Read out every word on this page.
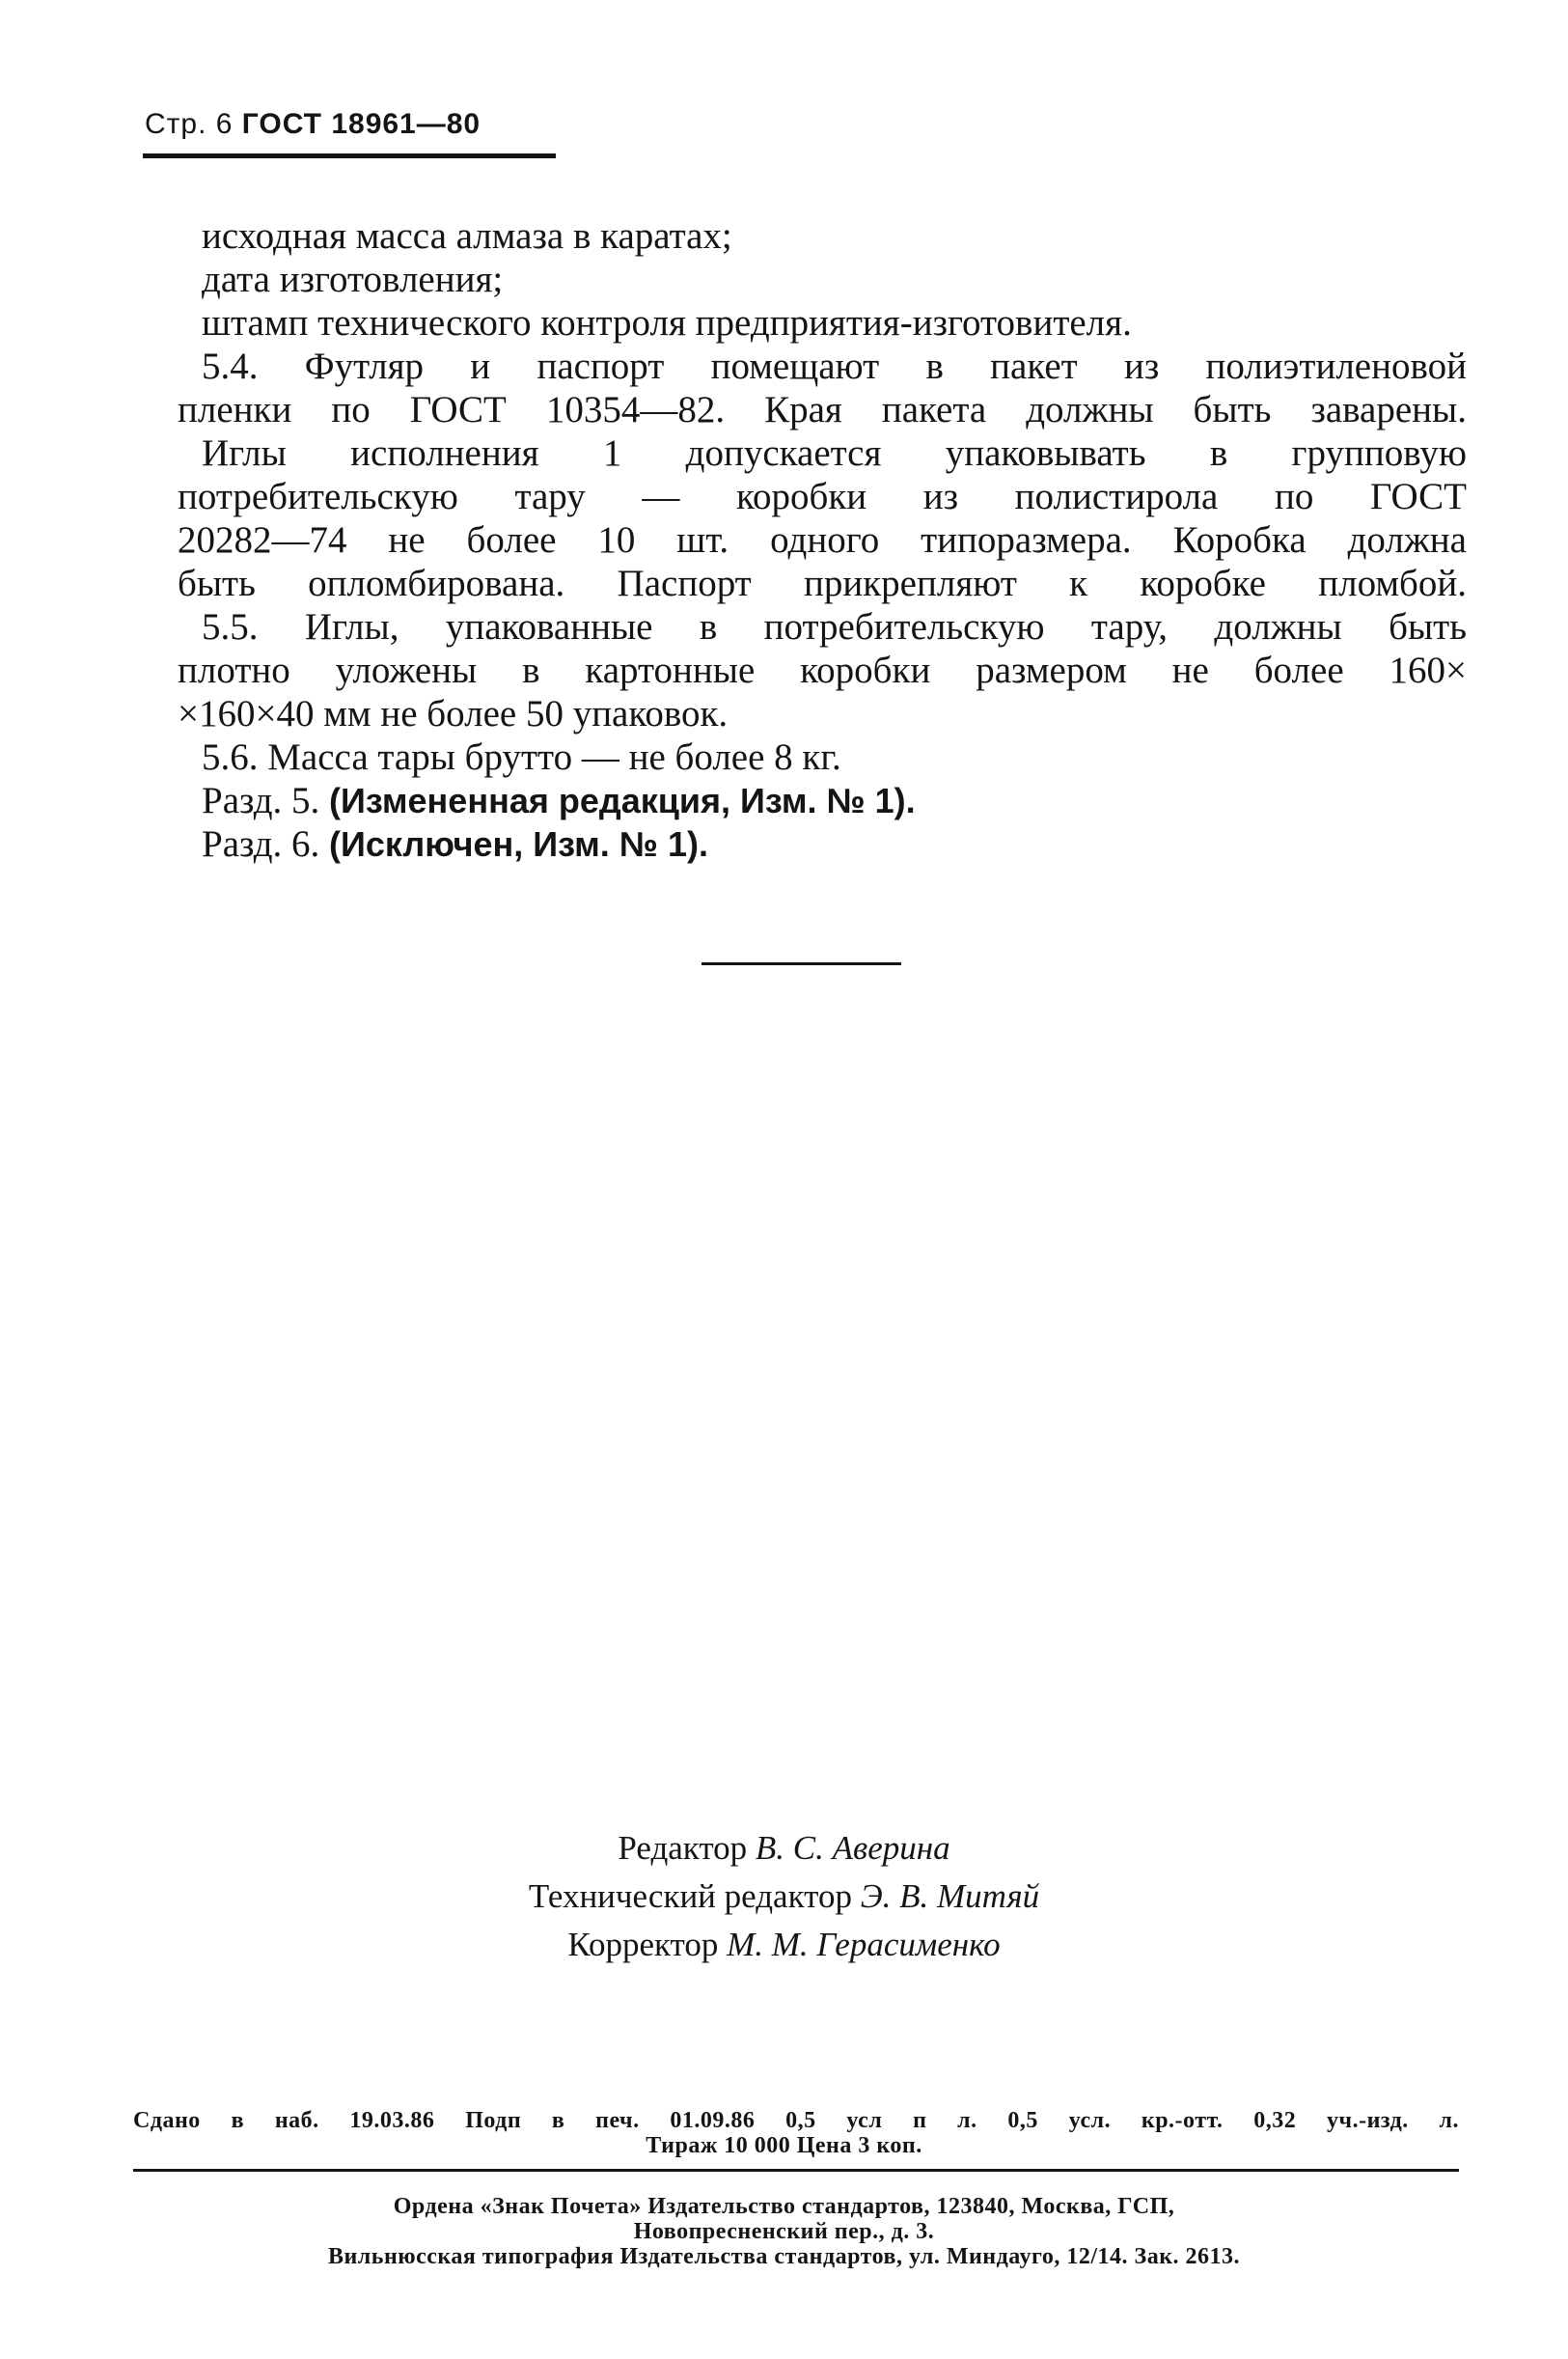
Стр. 6 ГОСТ 18961—80
исходная масса алмаза в каратах;
дата изготовления;
штамп технического контроля предприятия-изготовителя.
5.4. Футляр и паспорт помещают в пакет из полиэтиленовой
пленки по ГОСТ 10354—82. Края пакета должны быть заварены.
Иглы исполнения 1 допускается упаковывать в групповую
потребительскую тару — коробки из полистирола по ГОСТ
20282—74 не более 10 шт. одного типоразмера. Коробка должна
быть опломбирована. Паспорт прикрепляют к коробке пломбой.
5.5. Иглы, упакованные в потребительскую тару, должны быть
плотно уложены в картонные коробки размером не более 160×
×160×40 мм не более 50 упаковок.
5.6. Масса тары брутто — не более 8 кг.
Разд. 5. (Измененная редакция, Изм. № 1).
Разд. 6. (Исключен, Изм. № 1).
Редактор В. С. Аверина
Технический редактор Э. В. Митяй
Корректор М. М. Герасименко
Сдано в наб. 19.03.86 Подп в печ. 01.09.86 0,5 усл п л. 0,5 усл. кр.-отт. 0,32 уч.-изд. л.
Тираж 10 000 Цена 3 коп.
Ордена «Знак Почета» Издательство стандартов, 123840, Москва, ГСП,
Новопресненский пер., д. 3.
Вильнюсская типография Издательства стандартов, ул. Миндауго, 12/14. Зак. 2613.
